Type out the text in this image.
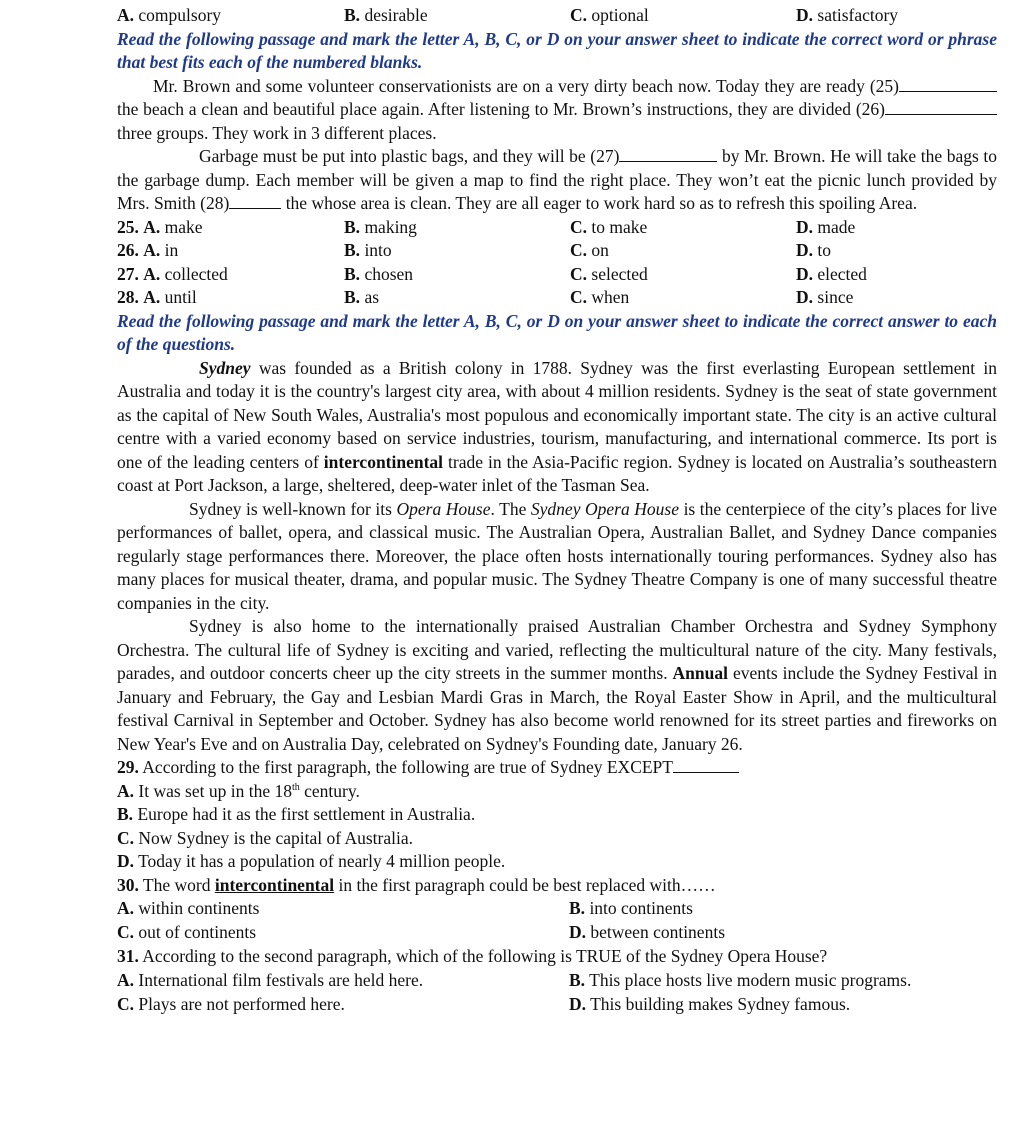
A. compulsory	B. desirable	C. optional	D. satisfactory
Read the following passage and mark the letter A, B, C, or D on your answer sheet to indicate the correct word or phrase that best fits each of the numbered blanks.

Mr. Brown and some volunteer conservationists are on a very dirty beach now. Today they are ready (25) the beach a clean and beautiful place again. After listening to Mr. Brown’s instructions, they are divided (26) three groups. They work in 3 different places.

Garbage must be put into plastic bags, and they will be (27)	by Mr. Brown. He will take the bags to the garbage dump. Each member will be given a map to find the right place. They won’t eat the picnic lunch provided by Mrs. Smith (28)	the whose area is clean. They are all eager to work hard so as to refresh this spoiling Area.

25. A. make	B. making	C. to make	D. made
26. A. in	B. into	C. on	D. to
27. A. collected	B. chosen	C. selected	D. elected
28. A. until	B. as	C. when	D. since
Read the following passage and mark the letter A, B, C, or D on your answer sheet to indicate the correct answer to each of the questions.

Sydney was founded as a British colony in 1788. Sydney was the first everlasting European settlement in Australia and today it is the country's largest city area, with about 4 million residents. Sydney is the seat of state government as the capital of New South Wales, Australia's most populous and economically important state. The city is an active cultural centre with a varied economy based on service industries, tourism, manufacturing, and international commerce. Its port is one of the leading centers of intercontinental trade in the Asia-Pacific region. Sydney is located on Australia’s southeastern coast at Port Jackson, a large, sheltered, deep-water inlet of the Tasman Sea.

Sydney is well-known for its Opera House. The Sydney Opera House is the centerpiece of the city’s places for live performances of ballet, opera, and classical music. The Australian Opera, Australian Ballet, and Sydney Dance companies regularly stage performances there. Moreover, the place often hosts internationally touring performances. Sydney also has many places for musical theater, drama, and popular music. The Sydney Theatre Company is one of many successful theatre companies in the city.

Sydney is also home to the internationally praised Australian Chamber Orchestra and Sydney Symphony Orchestra. The cultural life of Sydney is exciting and varied, reflecting the multicultural nature of the city. Many festivals, parades, and outdoor concerts cheer up the city streets in the summer months. Annual events include the Sydney Festival in January and February, the Gay and Lesbian Mardi Gras in March, the Royal Easter Show in April, and the multicultural festival Carnival in September and October. Sydney has also become world renowned for its street parties and fireworks on New Year's Eve and on Australia Day, celebrated on Sydney's Founding date, January 26.

29. According to the first paragraph, the following are true of Sydney EXCEPT
A. It was set up in the 18th century.
B. Europe had it as the first settlement in Australia.
C. Now Sydney is the capital of Australia.
D. Today it has a population of nearly 4 million people.
30. The word intercontinental in the first paragraph could be best replaced with……
A. within continents	B. into continents
C. out of continents	D. between continents
31. According to the second paragraph, which of the following is TRUE of the Sydney Opera House?
A. International film festivals are held here.	B. This place hosts live modern music programs.
C. Plays are not performed here.	D. This building makes Sydney famous.
